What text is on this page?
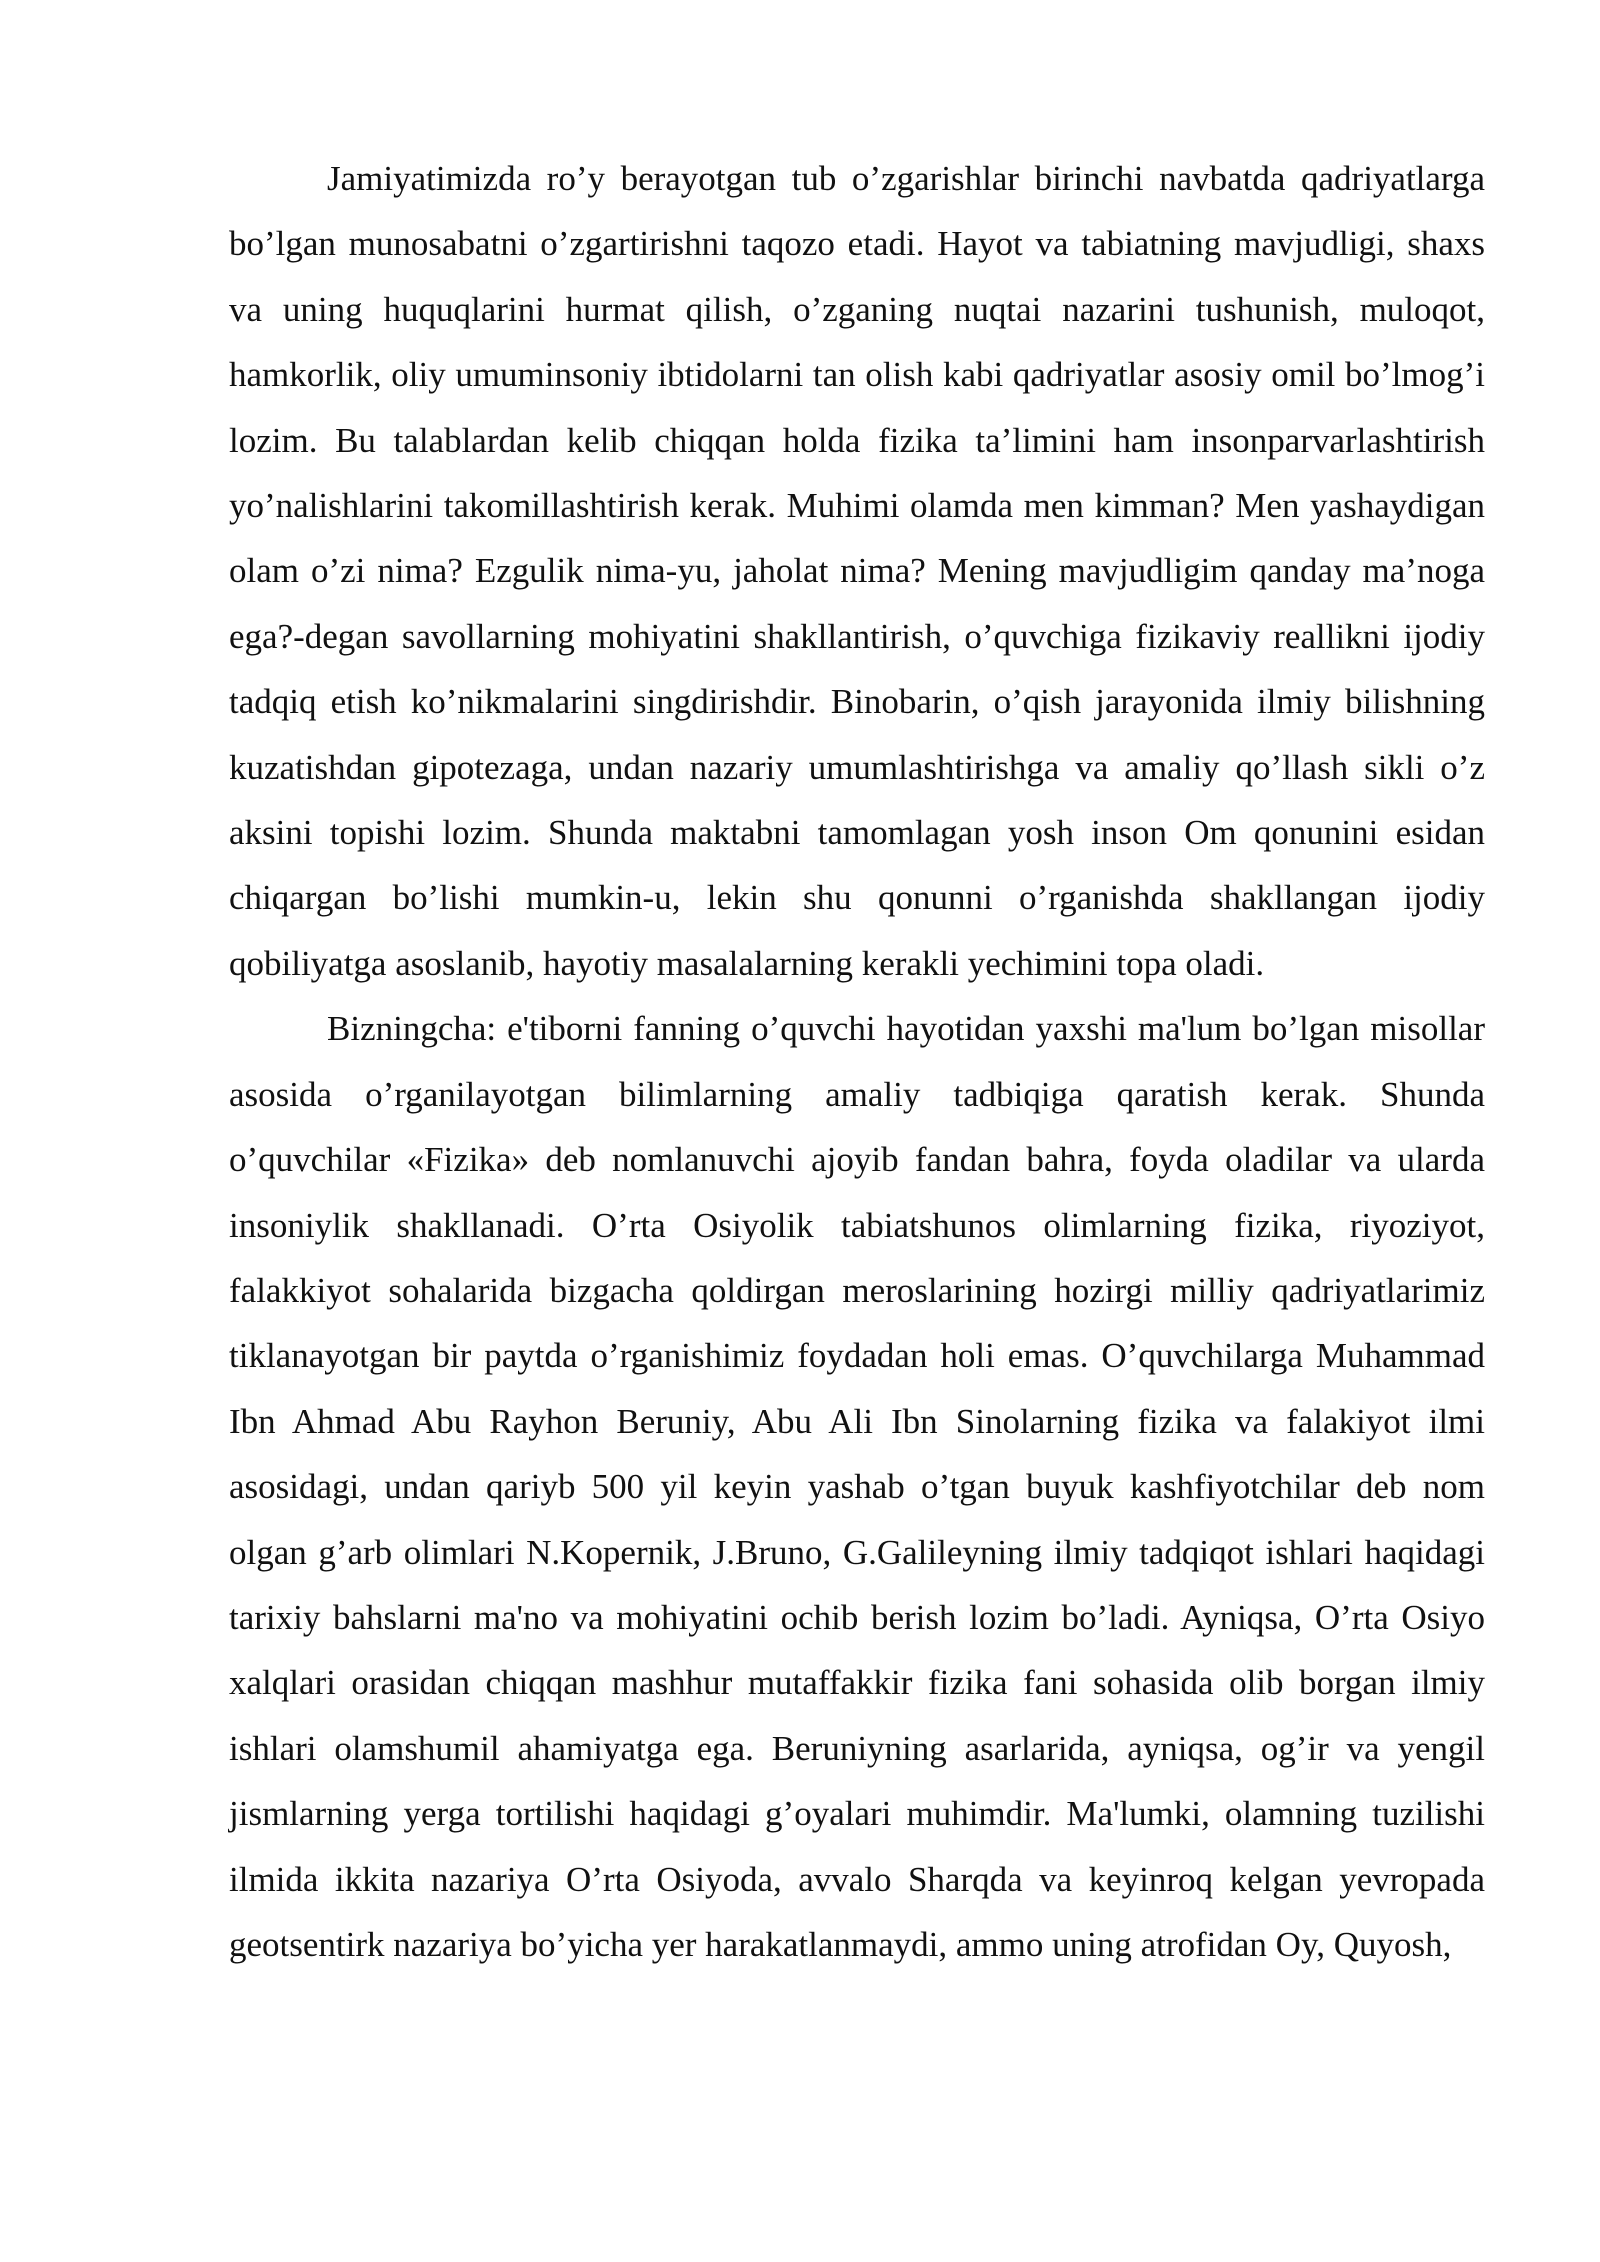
Jamiyatimizda ro’y berayotgan tub o’zgarishlar birinchi navbatda qadriyatlarga bo’lgan munosabatni o’zgartirishni taqozo etadi. Hayot va tabiatning mavjudligi, shaxs va uning huquqlarini hurmat qilish, o’zganing nuqtai nazarini tushunish, muloqot, hamkorlik, oliy umuminsoniy ibtidolarni tan olish kabi qadriyatlar asosiy omil bo’lmog’i lozim. Bu talablardan kelib chiqqan holda fizika ta’limini ham insonparvarlashtirish yo’nalishlarini takomillashtirish kerak. Muhimi olamda men kimman? Men yashaydigan olam o’zi nima? Ezgulik nima-yu, jaholat nima? Mening mavjudligim qanday ma’noga ega?-degan savollarning mohiyatini shakllantirish, o’quvchiga fizikaviy reallikni ijodiy tadqiq etish ko’nikmalarini singdirishdir. Binobarin, o’qish jarayonida ilmiy bilishning kuzatishdan gipotezaga, undan nazariy umumlashtirishga va amaliy qo’llash sikli o’z aksini topishi lozim. Shunda maktabni tamomlagan yosh inson Om qonunini esidan chiqargan bo’lishi mumkin-u, lekin shu qonunni o’rganishda shakllangan ijodiy qobiliyatga asoslanib, hayotiy masalalarning kerakli yechimini topa oladi.

Bizningcha: e'tiborni fanning o’quvchi hayotidan yaxshi ma'lum bo’lgan misollar asosida o’rganilayotgan bilimlarning amaliy tadbiqiga qaratish kerak. Shunda o’quvchilar «Fizika» deb nomlanuvchi ajoyib fandan bahra, foyda oladilar va ularda insoniylik shakllanadi. O’rta Osiyolik tabiatshunos olimlarning fizika, riyoziyot, falakkiyot sohalarida bizgacha qoldirgan meroslarining hozirgi milliy qadriyatlarimiz tiklanayotgan bir paytda o’rganishimiz foydadan holi emas. O’quvchilarga Muhammad Ibn Ahmad Abu Rayhon Beruniy, Abu Ali Ibn Sinolarning fizika va falakiyot ilmi asosidagi, undan qariyb 500 yil keyin yashab o’tgan buyuk kashfiyotchilar deb nom olgan g’arb olimlari N.Kopernik, J.Bruno, G.Galileyning ilmiy tadqiqot ishlari haqidagi tarixiy bahslarni ma'no va mohiyatini ochib berish lozim bo’ladi. Ayniqsa, O’rta Osiyo xalqlari orasidan chiqqan mashhur mutaffakkir fizika fani sohasida olib borgan ilmiy ishlari olamshumil ahamiyatga ega. Beruniyning asarlarida, ayniqsa, og’ir va yengil jismlarning yerga tortilishi haqidagi g’oyalari muhimdir. Ma'lumki, olamning tuzilishi ilmida ikkita nazariya O’rta Osiyoda, avvalo Sharqda va keyinroq kelgan yevropada geotsentirk nazariya bo’yicha yer harakatlanmaydi, ammo uning atrofidan Oy, Quyosh,
